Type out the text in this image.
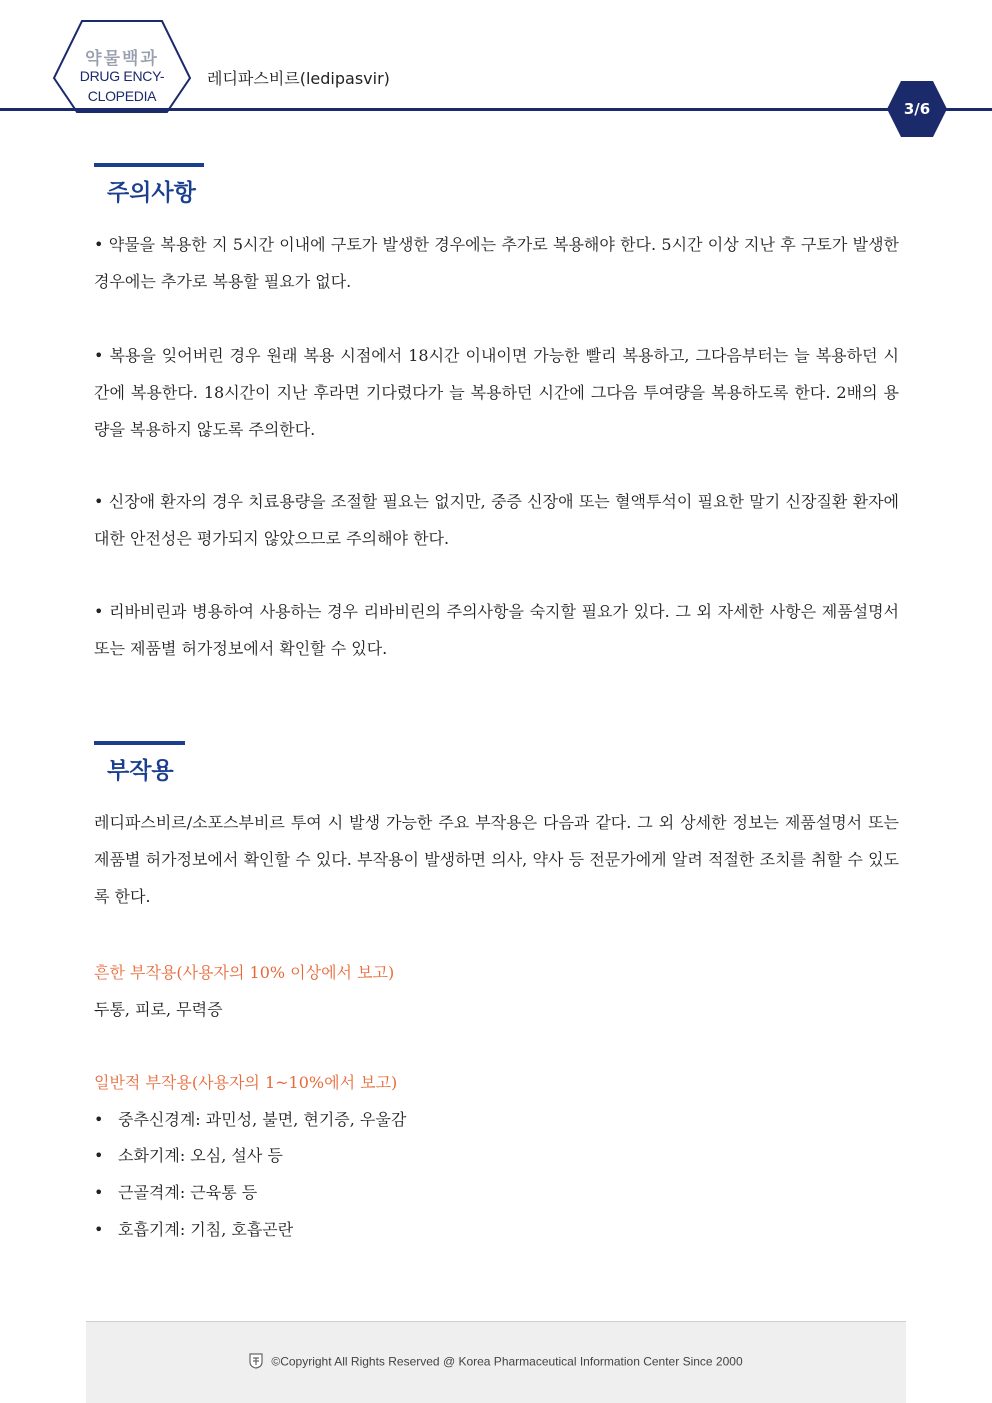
약물백과
DRUG ENCY-
CLOPEDIA
레디파스비르(ledipasvir)
3/6
주의사항
• 약물을 복용한 지 5시간 이내에 구토가 발생한 경우에는 추가로 복용해야 한다. 5시간 이상 지난 후 구토가 발생한 경우에는 추가로 복용할 필요가 없다.
• 복용을 잊어버린 경우 원래 복용 시점에서 18시간 이내이면 가능한 빨리 복용하고, 그다음부터는 늘 복용하던 시간에 복용한다. 18시간이 지난 후라면 기다렸다가 늘 복용하던 시간에 그다음 투여량을 복용하도록 한다. 2배의 용량을 복용하지 않도록 주의한다.
• 신장애 환자의 경우 치료용량을 조절할 필요는 없지만, 중증 신장애 또는 혈액투석이 필요한 말기 신장질환 환자에 대한 안전성은 평가되지 않았으므로 주의해야 한다.
• 리바비린과 병용하여 사용하는 경우 리바비린의 주의사항을 숙지할 필요가 있다. 그 외 자세한 사항은 제품설명서 또는 제품별 허가정보에서 확인할 수 있다.
부작용
레디파스비르/소포스부비르 투여 시 발생 가능한 주요 부작용은 다음과 같다. 그 외 상세한 정보는 제품설명서 또는 제품별 허가정보에서 확인할 수 있다. 부작용이 발생하면 의사, 약사 등 전문가에게 알려 적절한 조치를 취할 수 있도록 한다.
흔한 부작용(사용자의 10% 이상에서 보고)
두통, 피로, 무력증
일반적 부작용(사용자의 1~10%에서 보고)
• 중추신경계: 과민성, 불면, 현기증, 우울감
• 소화기계: 오심, 설사 등
• 근골격계: 근육통 등
• 호흡기계: 기침, 호흡곤란
©Copyright All Rights Reserved @ Korea Pharmaceutical Information Center Since 2000
